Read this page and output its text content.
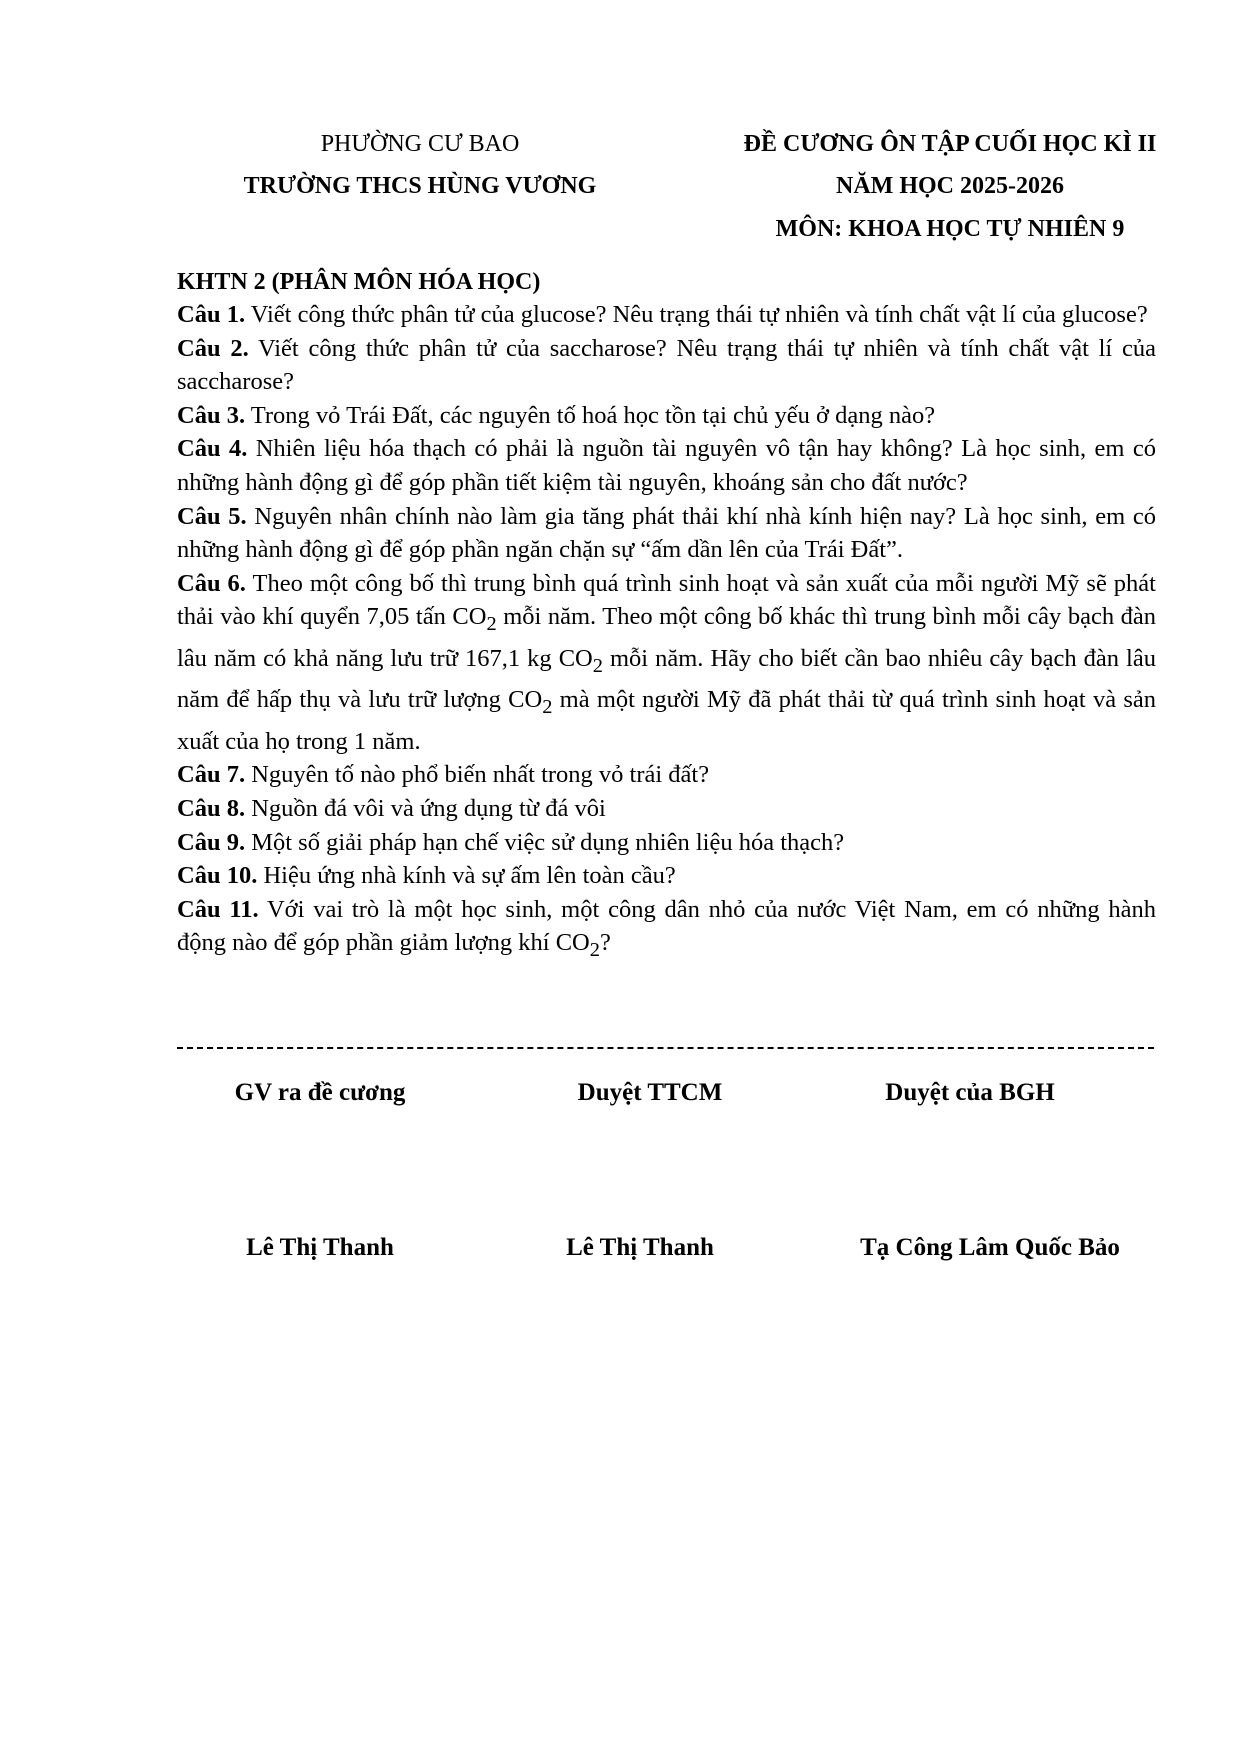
PHƯỜNG CƯ BAO
TRƯỜNG THCS HÙNG VƯƠNG
ĐỀ CƯƠNG ÔN TẬP CUỐI HỌC KÌ II
NĂM HỌC 2025-2026
MÔN: KHOA HỌC TỰ NHIÊN 9
KHTN 2 (PHÂN MÔN HÓA HỌC)

Câu 1. Viết công thức phân tử của glucose? Nêu trạng thái tự nhiên và tính chất vật lí của glucose?

Câu 2. Viết công thức phân tử của saccharose? Nêu trạng thái tự nhiên và tính chất vật lí của saccharose?

Câu 3. Trong vỏ Trái Đất, các nguyên tố hoá học tồn tại chủ yếu ở dạng nào?

Câu 4. Nhiên liệu hóa thạch có phải là nguồn tài nguyên vô tận hay không? Là học sinh, em có những hành động gì để góp phần tiết kiệm tài nguyên, khoáng sản cho đất nước?

Câu 5. Nguyên nhân chính nào làm gia tăng phát thải khí nhà kính hiện nay? Là học sinh, em có những hành động gì để góp phần ngăn chặn sự “ấm dần lên của Trái Đất”.

Câu 6. Theo một công bố thì trung bình quá trình sinh hoạt và sản xuất của mỗi người Mỹ sẽ phát thải vào khí quyển 7,05 tấn $CO_2$ mỗi năm. Theo một công bố khác thì trung bình mỗi cây bạch đàn lâu năm có khả năng lưu trữ 167,1 kg $CO_2$ mỗi năm. Hãy cho biết cần bao nhiêu cây bạch đàn lâu năm để hấp thụ và lưu trữ lượng $CO_2$ mà một người Mỹ đã phát thải từ quá trình sinh hoạt và sản xuất của họ trong 1 năm.

Câu 7. Nguyên tố nào phổ biến nhất trong vỏ trái đất?

Câu 8. Nguồn đá vôi và ứng dụng từ đá vôi

Câu 9. Một số giải pháp hạn chế việc sử dụng nhiên liệu hóa thạch?

Câu 10. Hiệu ứng nhà kính và sự ấm lên toàn cầu?

Câu 11. Với vai trò là một học sinh, một công dân nhỏ của nước Việt Nam, em có những hành động nào để góp phần giảm lượng khí $CO_2$?

GV ra đề cương	Duyệt TTCM	Duyệt của BGH
Lê Thị Thanh	Lê Thị Thanh	Tạ Công Lâm Quốc Bảo
